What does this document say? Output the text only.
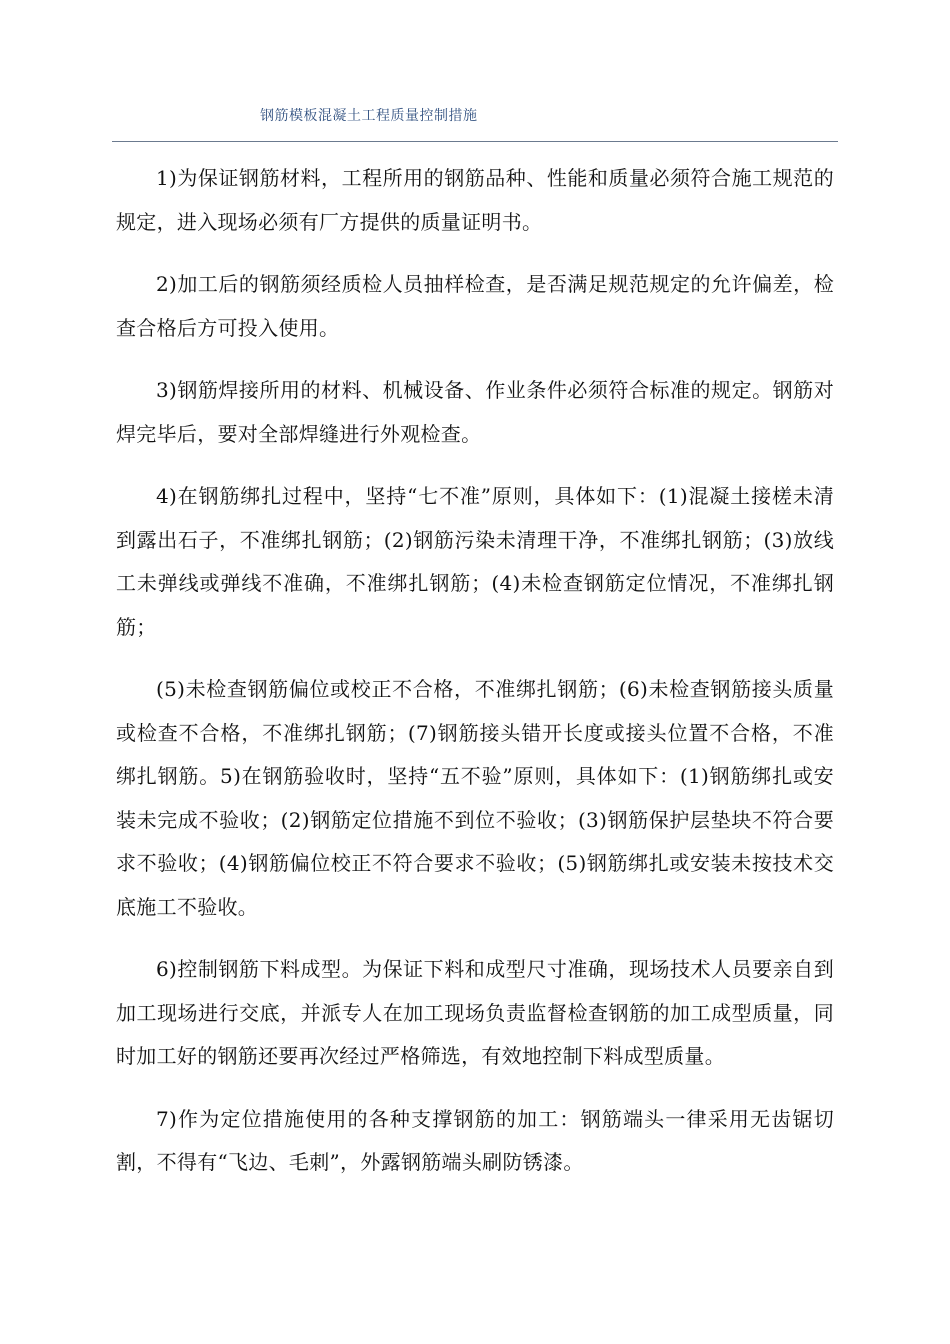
钢筋模板混凝土工程质量控制措施

1)为保证钢筋材料，工程所用的钢筋品种、性能和质量必须符合施工规范的规定，进入现场必须有厂方提供的质量证明书。

2)加工后的钢筋须经质检人员抽样检查，是否满足规范规定的允许偏差，检查合格后方可投入使用。

3)钢筋焊接所用的材料、机械设备、作业条件必须符合标准的规定。钢筋对焊完毕后，要对全部焊缝进行外观检查。

4)在钢筋绑扎过程中，坚持“七不准”原则，具体如下：(1)混凝土接槎未清到露出石子，不准绑扎钢筋；(2)钢筋污染未清理干净，不准绑扎钢筋；(3)放线工未弹线或弹线不准确，不准绑扎钢筋；(4)未检查钢筋定位情况，不准绑扎钢筋；

(5)未检查钢筋偏位或校正不合格，不准绑扎钢筋；(6)未检查钢筋接头质量或检查不合格，不准绑扎钢筋；(7)钢筋接头错开长度或接头位置不合格，不准绑扎钢筋。5)在钢筋验收时，坚持“五不验”原则，具体如下：(1)钢筋绑扎或安装未完成不验收；(2)钢筋定位措施不到位不验收；(3)钢筋保护层垫块不符合要求不验收；(4)钢筋偏位校正不符合要求不验收；(5)钢筋绑扎或安装未按技术交底施工不验收。

6)控制钢筋下料成型。为保证下料和成型尺寸准确，现场技术人员要亲自到加工现场进行交底，并派专人在加工现场负责监督检查钢筋的加工成型质量，同时加工好的钢筋还要再次经过严格筛选，有效地控制下料成型质量。

7)作为定位措施使用的各种支撑钢筋的加工：钢筋端头一律采用无齿锯切割，不得有“飞边、毛刺”，外露钢筋端头刷防锈漆。
